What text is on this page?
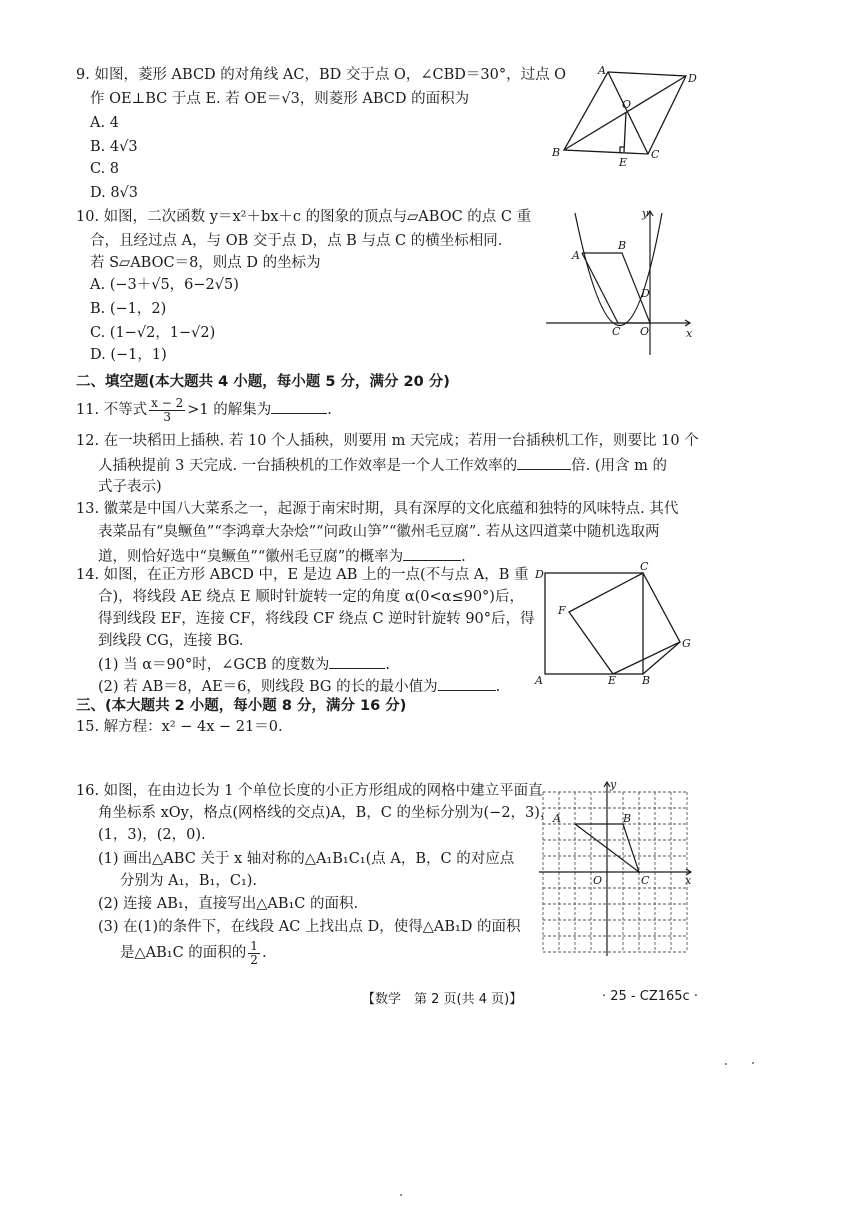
9. 如图，菱形 ABCD 的对角线 AC，BD 交于点 O，∠CBD＝30°，过点 O
作 OE⊥BC 于点 E. 若 OE＝√3，则菱形 ABCD 的面积为
A. 4
B. 4√3
C. 8
D. 8√3
A
D
B	C
O
E
10. 如图，二次函数 y＝x²＋bx＋c 的图象的顶点与▱ABOC 的点 C 重
合，且经过点 A，与 OB 交于点 D，点 B 与点 C 的横坐标相同.
若 S▱ABOC＝8，则点 D 的坐标为
A. (−3＋√5，6−2√5)
B. (−1，2)
C. (1−√2，1−√2)
D. (−1，1)
x
y
A
B
C
D
O
二、填空题(本大题共 4 小题，每小题 5 分，满分 20 分)
11. 不等式 $\frac{x - 2}{3} >1$ 的解集为	.
12. 在一块稻田上插秧. 若 10 个人插秧，则要用 m 天完成；若用一台插秧机工作，则要比 10 个
人插秧提前 3 天完成. 一台插秧机的工作效率是一个人工作效率的	倍. (用含 m 的
式子表示)
13. 徽菜是中国八大菜系之一，起源于南宋时期，具有深厚的文化底蕴和独特的风味特点. 其代
表菜品有“臭鳜鱼”“李鸿章大杂烩”“问政山笋”“徽州毛豆腐”. 若从这四道菜中随机选取两
道，则恰好选中“臭鳜鱼”“徽州毛豆腐”的概率为	.
14. 如图，在正方形 ABCD 中，E 是边 AB 上的一点(不与点 A，B 重
合)，将线段 AE 绕点 E 顺时针旋转一定的角度 α(0<α≤90°)后，
得到线段 EF，连接 CF，将线段 CF 绕点 C 逆时针旋转 90°后，得
到线段 CG，连接 BG.
(1) 当 α＝90°时，∠GCB 的度数为	.
(2) 若 AB＝8，AE＝6，则线段 BG 的长的最小值为	.
D
C
A	B
E
F
G
三、(本大题共 2 小题，每小题 8 分，满分 16 分)
15. 解方程：x² − 4x − 21＝0.
16. 如图，在由边长为 1 个单位长度的小正方形组成的网格中建立平面直
角坐标系 xOy，格点(网格线的交点)A，B，C 的坐标分别为(−2，3)，
(1，3)，(2，0).
(1) 画出△ABC 关于 x 轴对称的△A₁B₁C₁(点 A，B，C 的对应点
分别为 A₁，B₁，C₁).
(2) 连接 AB₁，直接写出△AB₁C 的面积.
(3) 在(1)的条件下，在线段 AC 上找出点 D，使得△AB₁D 的面积
是△AB₁C 的面积的 $\frac{1}{2}$ .
x
y
A	B
C
O
【数学　第 2 页(共 4 页)】	· 25 - CZ165c ·
